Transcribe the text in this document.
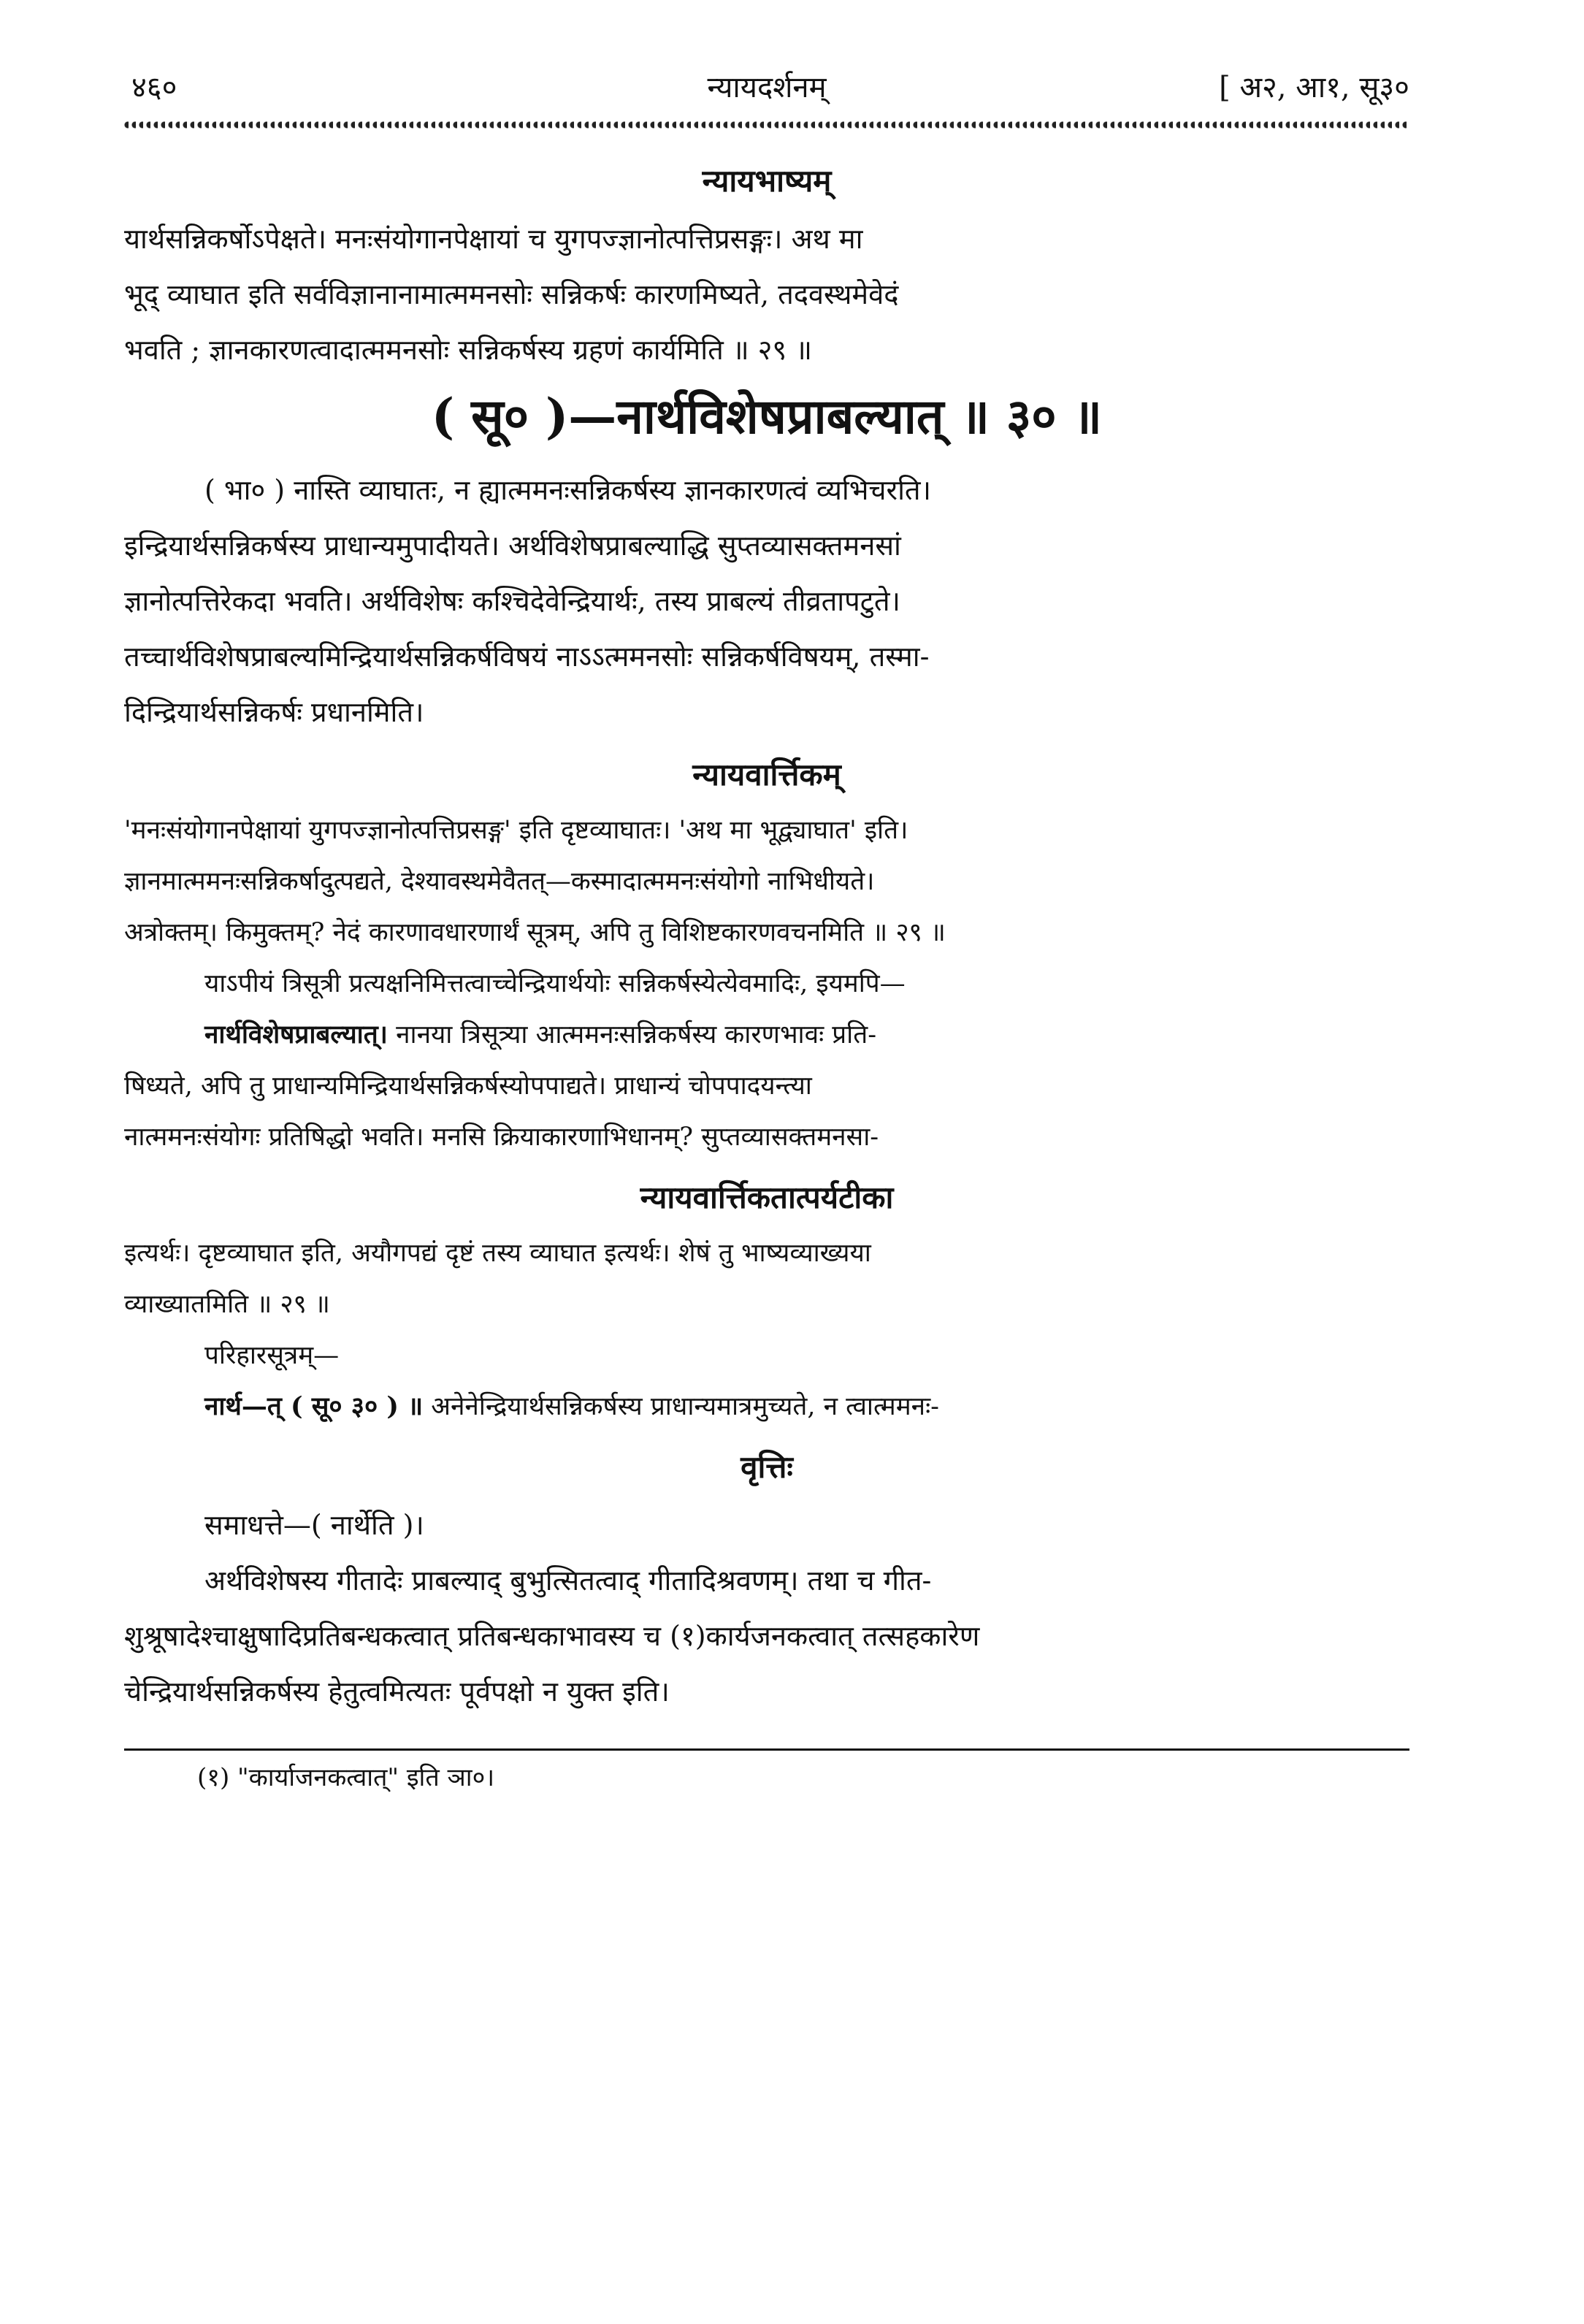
४६०	न्यायदर्शनम्	[ अ२, आ१, सू३०
न्यायभाष्यम्

यार्थसन्निकर्षोऽपेक्षते। मनःसंयोगानपेक्षायां च युगपज्ज्ञानोत्पत्तिप्रसङ्गः। अथ मा

भूद् व्याघात इति सर्वविज्ञानानामात्ममनसोः सन्निकर्षः कारणमिष्यते, तदवस्थमेवेदं

भवति ; ज्ञानकारणत्वादात्ममनसोः सन्निकर्षस्य ग्रहणं कार्यमिति ॥ २९ ॥

( सू० )—नार्थविशेषप्राबल्यात् ॥ ३० ॥

( भा० ) नास्ति व्याघातः, न ह्यात्ममनःसन्निकर्षस्य ज्ञानकारणत्वं व्यभिचरति।

इन्द्रियार्थसन्निकर्षस्य प्राधान्यमुपादीयते। अर्थविशेषप्राबल्याद्धि सुप्तव्यासक्तमनसां

ज्ञानोत्पत्तिरेकदा भवति। अर्थविशेषः कश्चिदेवेन्द्रियार्थः, तस्य प्राबल्यं तीव्रतापटुते।

तच्चार्थविशेषप्राबल्यमिन्द्रियार्थसन्निकर्षविषयं नाऽऽत्ममनसोः सन्निकर्षविषयम्, तस्मा-

दिन्द्रियार्थसन्निकर्षः प्रधानमिति।

न्यायवार्त्तिकम्

'मनःसंयोगानपेक्षायां युगपज्ज्ञानोत्पत्तिप्रसङ्ग' इति दृष्टव्याघातः। 'अथ मा भूद्व्याघात' इति।

ज्ञानमात्ममनःसन्निकर्षादुत्पद्यते, देश्यावस्थमेवैतत्—कस्मादात्ममनःसंयोगो नाभिधीयते।

अत्रोक्तम्। किमुक्तम्? नेदं कारणावधारणार्थं सूत्रम्, अपि तु विशिष्टकारणवचनमिति ॥ २९ ॥

याऽपीयं त्रिसूत्री प्रत्यक्षनिमित्तत्वाच्चेन्द्रियार्थयोः सन्निकर्षस्येत्येवमादिः, इयमपि—

नार्थविशेषप्राबल्यात्। नानया त्रिसूत्र्या आत्ममनःसन्निकर्षस्य कारणभावः प्रति-

षिध्यते, अपि तु प्राधान्यमिन्द्रियार्थसन्निकर्षस्योपपाद्यते। प्राधान्यं चोपपादयन्त्या

नात्ममनःसंयोगः प्रतिषिद्धो भवति। मनसि क्रियाकारणाभिधानम्? सुप्तव्यासक्तमनसा-

न्यायवार्त्तिकतात्पर्यटीका

इत्यर्थः। दृष्टव्याघात इति, अयौगपद्यं दृष्टं तस्य व्याघात इत्यर्थः। शेषं तु भाष्यव्याख्यया

व्याख्यातमिति ॥ २९ ॥

परिहारसूत्रम्—

नार्थ—त् ( सू० ३० ) ॥ अनेनेन्द्रियार्थसन्निकर्षस्य प्राधान्यमात्रमुच्यते, न त्वात्ममनः-

वृत्तिः

समाधत्ते—( नार्थेति )।

अर्थविशेषस्य गीतादेः प्राबल्याद् बुभुत्सितत्वाद् गीतादिश्रवणम्। तथा च गीत-

शुश्रूषादेश्चाक्षुषादिप्रतिबन्धकत्वात् प्रतिबन्धकाभावस्य च (१)कार्यजनकत्वात् तत्सहकारेण

चेन्द्रियार्थसन्निकर्षस्य हेतुत्वमित्यतः पूर्वपक्षो न युक्त इति।

(१) "कार्याजनकत्वात्" इति ञा०।
